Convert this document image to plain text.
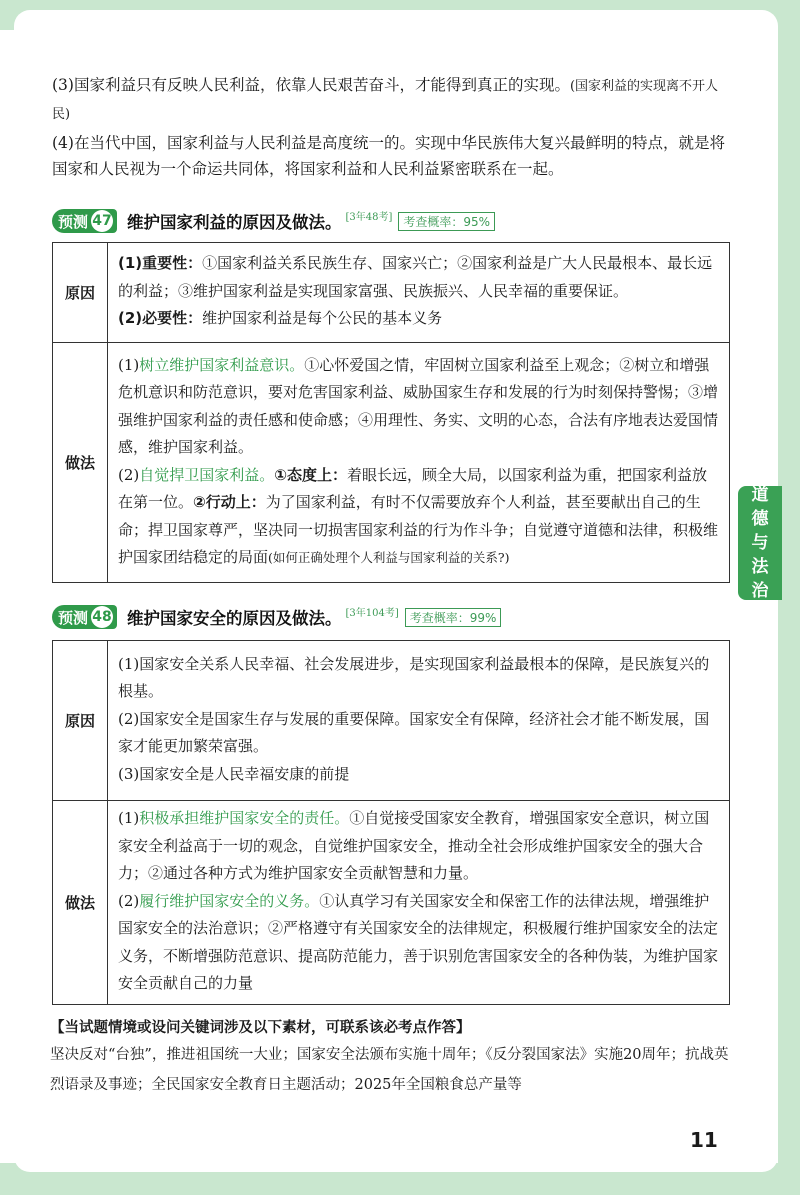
(3)国家利益只有反映人民利益，依靠人民艰苦奋斗，才能得到真正的实现。(国家利益的实现离不开人民)

(4)在当代中国，国家利益与人民利益是高度统一的。实现中华民族伟大复兴最鲜明的特点，就是将国家和人民视为一个命运共同体，将国家利益和人民利益紧密联系在一起。

预测 47 维护国家利益的原因及做法。 [3年48考] 考查概率：95%
原因	(1)重要性：①国家利益关系民族生存、国家兴亡；②国家利益是广大人民最根本、最长远的利益；③维护国家利益是实现国家富强、民族振兴、人民幸福的重要保证。
(2)必要性：维护国家利益是每个公民的基本义务

做法	(1)树立维护国家利益意识。①心怀爱国之情，牢固树立国家利益至上观念；②树立和增强危机意识和防范意识，要对危害国家利益、威胁国家生存和发展的行为时刻保持警惕；③增强维护国家利益的责任感和使命感；④用理性、务实、文明的心态，合法有序地表达爱国情感，维护国家利益。
(2)自觉捍卫国家利益。①态度上：着眼长远，顾全大局，以国家利益为重，把国家利益放在第一位。②行动上：为了国家利益，有时不仅需要放弃个人利益，甚至要献出自己的生命；捍卫国家尊严，坚决同一切损害国家利益的行为作斗争；自觉遵守道德和法律，积极维护国家团结稳定的局面(如何正确处理个人利益与国家利益的关系?)
预测 48 维护国家安全的原因及做法。 [3年104考] 考查概率：99%
原因	(1)国家安全关系人民幸福、社会发展进步，是实现国家利益最根本的保障，是民族复兴的根基。
(2)国家安全是国家生存与发展的重要保障。国家安全有保障，经济社会才能不断发展，国家才能更加繁荣富强。
(3)国家安全是人民幸福安康的前提

做法	(1)积极承担维护国家安全的责任。①自觉接受国家安全教育，增强国家安全意识，树立国家安全利益高于一切的观念，自觉维护国家安全，推动全社会形成维护国家安全的强大合力；②通过各种方式为维护国家安全贡献智慧和力量。
(2)履行维护国家安全的义务。①认真学习有关国家安全和保密工作的法律法规，增强维护国家安全的法治意识；②严格遵守有关国家安全的法律规定，积极履行维护国家安全的法定义务，不断增强防范意识、提高防范能力，善于识别危害国家安全的各种伪装，为维护国家安全贡献自己的力量
【当试题情境或设问关键词涉及以下素材，可联系该必考点作答】

坚决反对“台独”，推进祖国统一大业；国家安全法颁布实施十周年；《反分裂国家法》实施20周年；抗战英烈语录及事迹；全民国家安全教育日主题活动；2025年全国粮食总产量等

道
德
与
法
治
11
